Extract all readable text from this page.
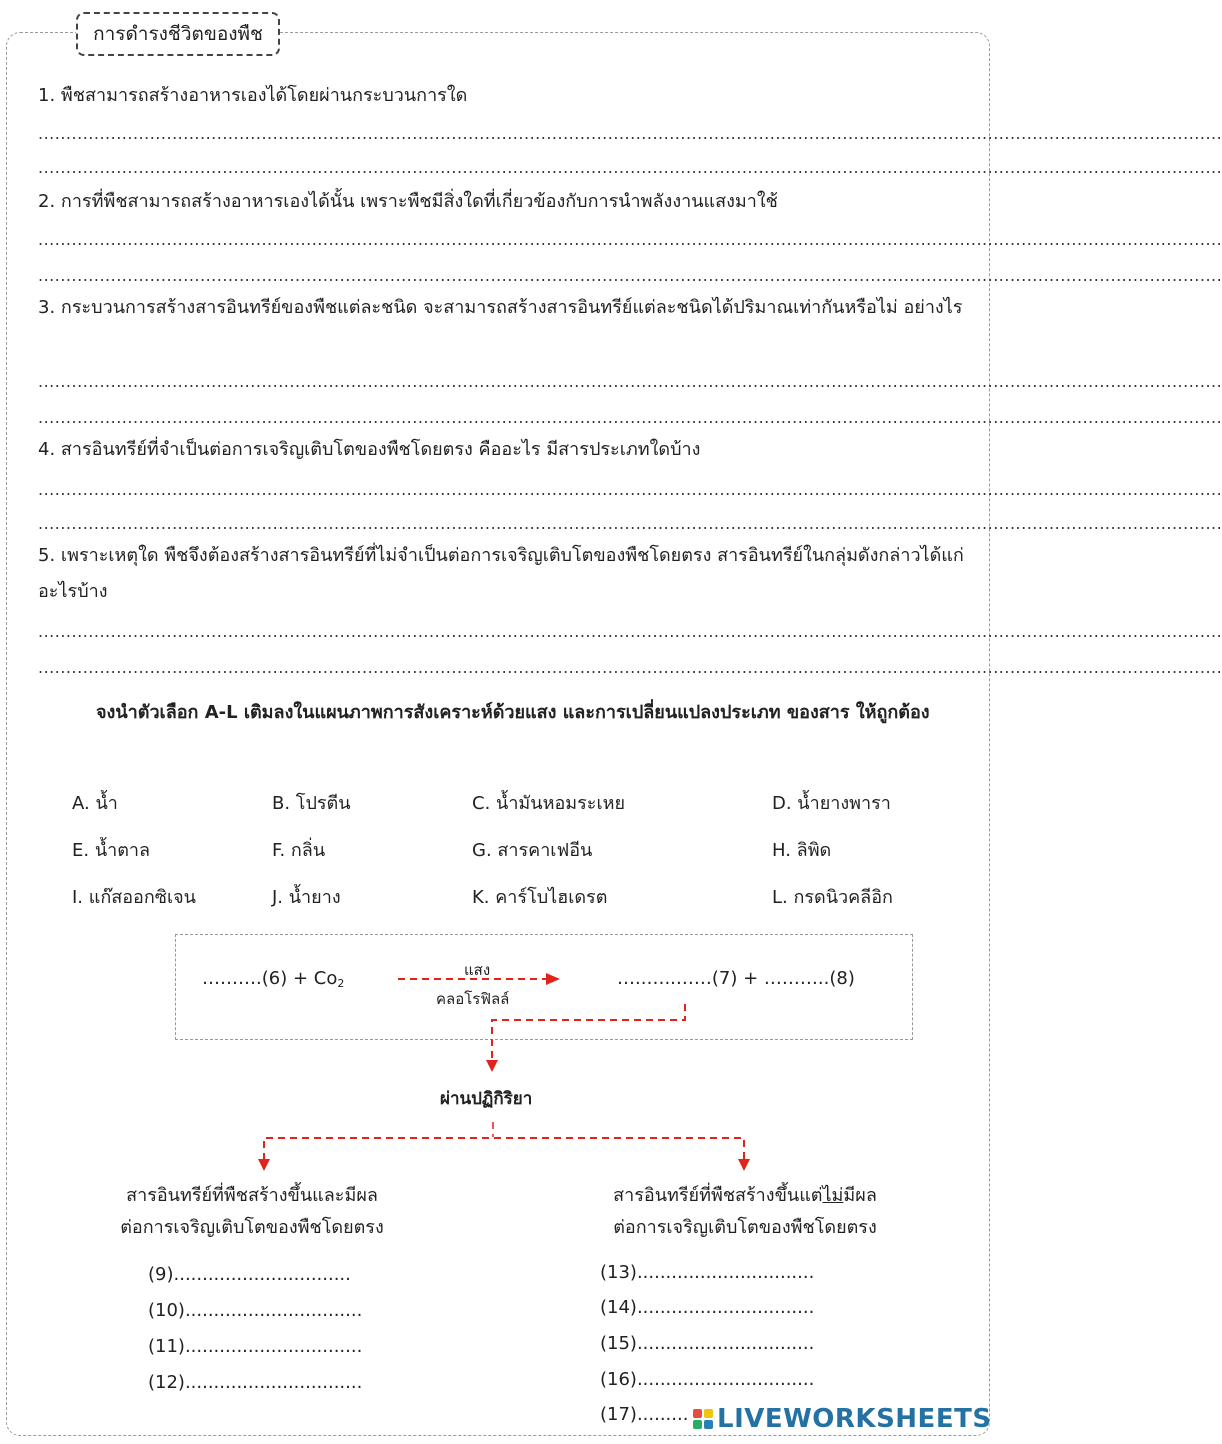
การดำรงชีวิตของพืช
1. พืชสามารถสร้างอาหารเองได้โดยผ่านกระบวนการใด
....................................................................................................................................................................................................................
....................................................................................................................................................................................................................
2. การที่พืชสามารถสร้างอาหารเองได้นั้น เพราะพืชมีสิ่งใดที่เกี่ยวข้องกับการนำพลังงานแสงมาใช้
....................................................................................................................................................................................................................
....................................................................................................................................................................................................................
3. กระบวนการสร้างสารอินทรีย์ของพืชแต่ละชนิด จะสามารถสร้างสารอินทรีย์แต่ละชนิดได้ปริมาณเท่ากันหรือไม่ อย่างไร
....................................................................................................................................................................................................................
....................................................................................................................................................................................................................
4. สารอินทรีย์ที่จำเป็นต่อการเจริญเติบโตของพืชโดยตรง คืออะไร มีสารประเภทใดบ้าง
....................................................................................................................................................................................................................
....................................................................................................................................................................................................................
5. เพราะเหตุใด พืชจึงต้องสร้างสารอินทรีย์ที่ไม่จำเป็นต่อการเจริญเติบโตของพืชโดยตรง สารอินทรีย์ในกลุ่มดังกล่าวได้แก่อะไรบ้าง
....................................................................................................................................................................................................................
....................................................................................................................................................................................................................
จงนำตัวเลือก A-L เติมลงในแผนภาพการสังเคราะห์ด้วยแสง และการเปลี่ยนแปลงประเภท ของสาร ให้ถูกต้อง
A. น้ำ	B. โปรตีน	C. น้ำมันหอมระเหย	D. น้ำยางพารา
E. น้ำตาล	F. กลิ่น	G. สารคาเฟอีน	H. ลิพิด
I. แก๊สออกซิเจน	J. น้ำยาง	K. คาร์โบไฮเดรต	L. กรดนิวคลีอิก
……….(6) + $Co_2$
แสง
คลอโรฟิลล์
…..…..……(7) + ………..(8)
ผ่านปฏิกิริยา
สารอินทรีย์ที่พืชสร้างขึ้นและมีผล
ต่อการเจริญเติบโตของพืชโดยตรง
(9)...............................
(10)...............................
(11)...............................
(12)...............................
สารอินทรีย์ที่พืชสร้างขึ้นแต่ไม่มีผล
ต่อการเจริญเติบโตของพืชโดยตรง
(13)...............................
(14)...............................
(15)...............................
(16)...............................
(17)......... LIVEWORKSHEETS
